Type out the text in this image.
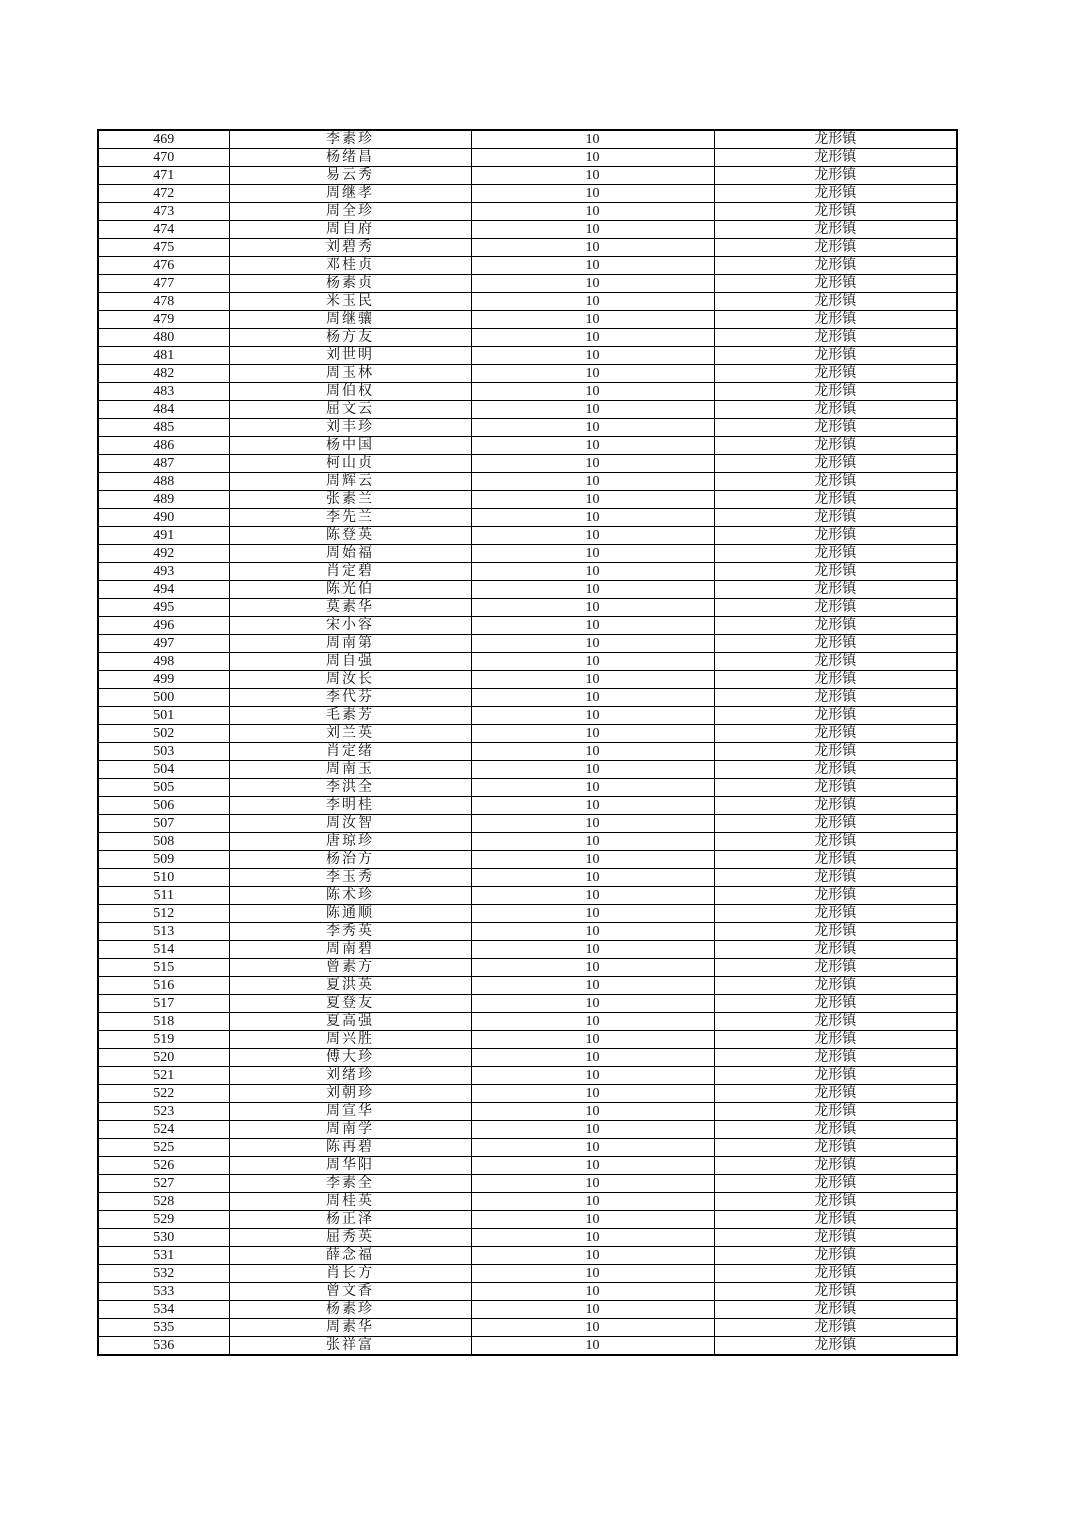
469	李素珍	10	龙形镇
470	杨绪昌	10	龙形镇
471	易云秀	10	龙形镇
472	周继孝	10	龙形镇
473	周全珍	10	龙形镇
474	周自府	10	龙形镇
475	刘碧秀	10	龙形镇
476	邓桂贞	10	龙形镇
477	杨素贞	10	龙形镇
478	米玉民	10	龙形镇
479	周继骧	10	龙形镇
480	杨方友	10	龙形镇
481	刘世明	10	龙形镇
482	周玉林	10	龙形镇
483	周伯权	10	龙形镇
484	屈文云	10	龙形镇
485	刘丰珍	10	龙形镇
486	杨中国	10	龙形镇
487	柯山贞	10	龙形镇
488	周辉云	10	龙形镇
489	张素兰	10	龙形镇
490	李先兰	10	龙形镇
491	陈登英	10	龙形镇
492	周始福	10	龙形镇
493	肖定碧	10	龙形镇
494	陈光伯	10	龙形镇
495	莫素华	10	龙形镇
496	宋小容	10	龙形镇
497	周南第	10	龙形镇
498	周自强	10	龙形镇
499	周汝长	10	龙形镇
500	李代芬	10	龙形镇
501	毛素芳	10	龙形镇
502	刘兰英	10	龙形镇
503	肖定绪	10	龙形镇
504	周南玉	10	龙形镇
505	李洪全	10	龙形镇
506	李明桂	10	龙形镇
507	周汝智	10	龙形镇
508	唐琼珍	10	龙形镇
509	杨治方	10	龙形镇
510	李玉秀	10	龙形镇
511	陈术珍	10	龙形镇
512	陈通顺	10	龙形镇
513	李秀英	10	龙形镇
514	周南碧	10	龙形镇
515	曾素方	10	龙形镇
516	夏洪英	10	龙形镇
517	夏登友	10	龙形镇
518	夏高强	10	龙形镇
519	周兴胜	10	龙形镇
520	傅大珍	10	龙形镇
521	刘绪珍	10	龙形镇
522	刘朝珍	10	龙形镇
523	周宣华	10	龙形镇
524	周南学	10	龙形镇
525	陈再碧	10	龙形镇
526	周华阳	10	龙形镇
527	李素全	10	龙形镇
528	周桂英	10	龙形镇
529	杨正泽	10	龙形镇
530	屈秀英	10	龙形镇
531	薛念福	10	龙形镇
532	肖长方	10	龙形镇
533	曾文香	10	龙形镇
534	杨素珍	10	龙形镇
535	周素华	10	龙形镇
536	张祥富	10	龙形镇
